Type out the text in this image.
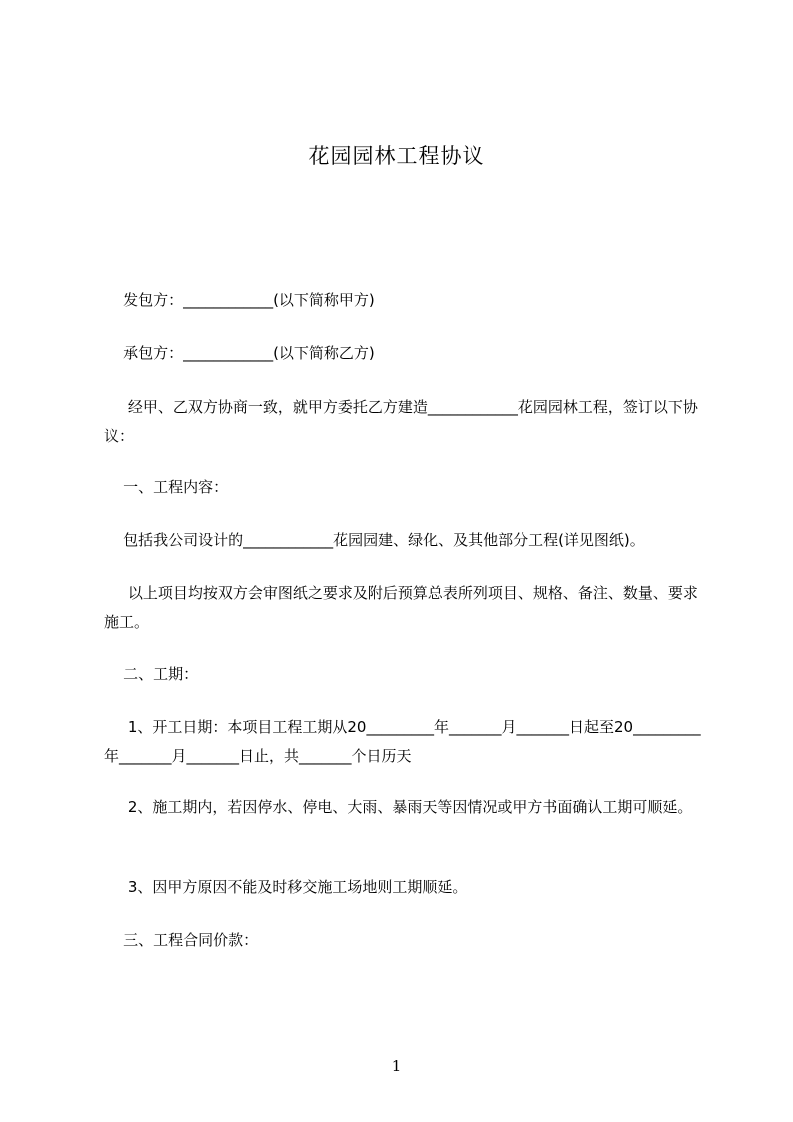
花园园林工程协议

发包方：____________(以下简称甲方)

承包方：____________(以下简称乙方)

经甲、乙双方协商一致，就甲方委托乙方建造____________花园园林工程，签订以下协议：

一、工程内容：

包括我公司设计的____________花园园建、绿化、及其他部分工程(详见图纸)。

以上项目均按双方会审图纸之要求及附后预算总表所列项目、规格、备注、数量、要求施工。

二、工期：

1、开工日期：本项目工程工期从20_________年_______月_______日起至20_________年_______月_______日止，共_______个日历天

2、施工期内，若因停水、停电、大雨、暴雨天等因情况或甲方书面确认工期可顺延。

3、因甲方原因不能及时移交施工场地则工期顺延。

三、工程合同价款：

1
